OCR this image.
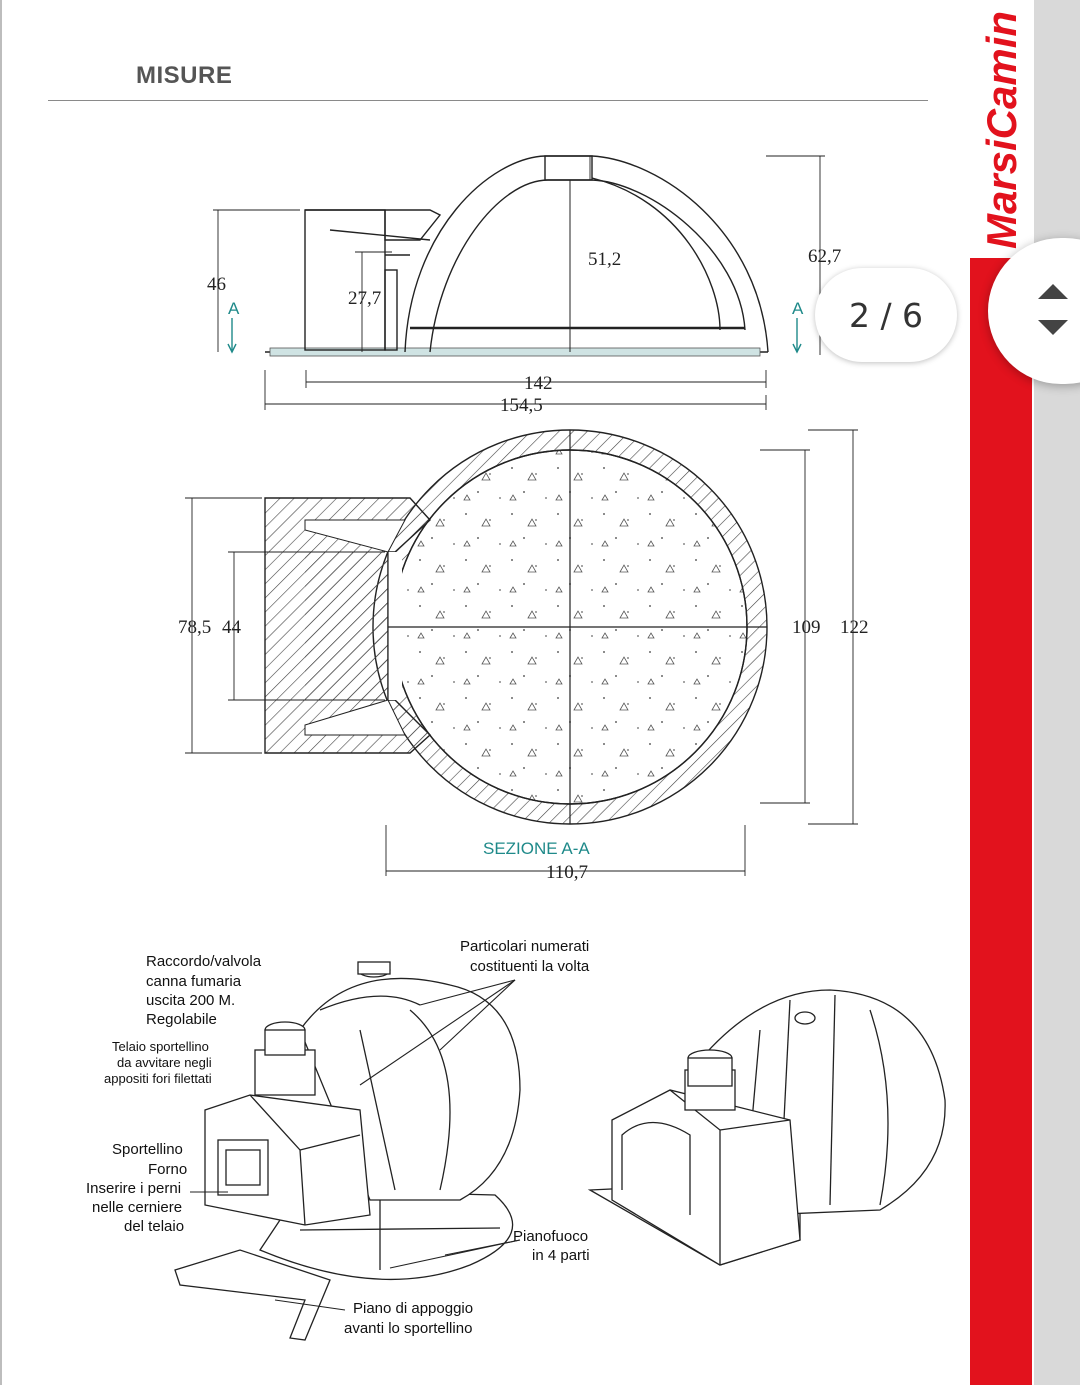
MISURE	MarsiCamin
46
27,7
51,2	62,7
142
154,5
A	A
78,5 44	109 122
110,7
SEZIONE A-A
Raccordo/valvola
canna fumaria
uscita 200 M.
Regolabile
Telaio sportellino
da avvitare negli
appositi fori filettati
Sportellino
Forno
Inserire i perni
nelle cerniere
del telaio
Particolari numerati
costituenti la volta
Pianofuoco
in 4 parti
Piano di appoggio
avanti lo sportellino
2 / 6
